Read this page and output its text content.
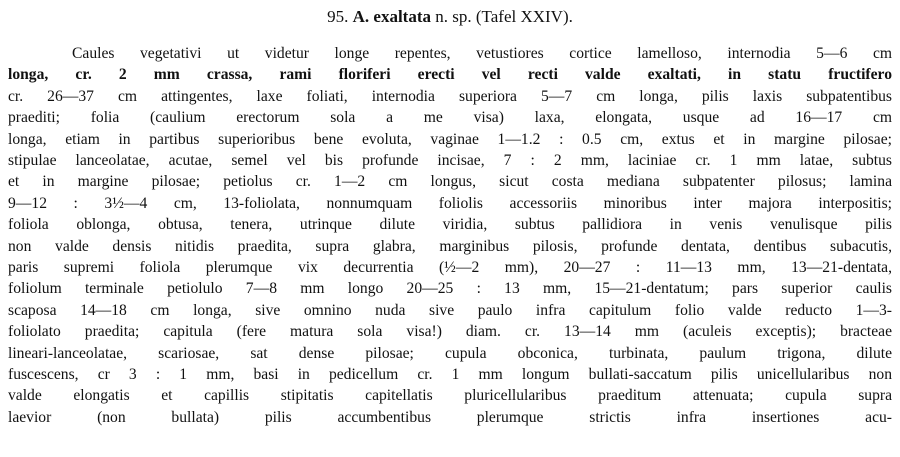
95. A. exaltata n. sp. (Tafel XXIV).
Caules vegetativi ut videtur longe repentes, vetustiores cortice lamelloso, internodia 5—6 cm
longa, cr. 2 mm crassa, rami floriferi erecti vel recti valde exaltati, in statu fructifero
cr. 26—37 cm attingentes, laxe foliati, internodia superiora 5—7 cm longa, pilis laxis subpatentibus
praediti; folia (caulium erectorum sola a me visa) laxa, elongata, usque ad 16—17 cm
longa, etiam in partibus superioribus bene evoluta, vaginae 1—1.2 : 0.5 cm, extus et in margine pilosae;
stipulae lanceolatae, acutae, semel vel bis profunde incisae, 7 : 2 mm, laciniae cr. 1 mm latae, subtus
et in margine pilosae; petiolus cr. 1—2 cm longus, sicut costa mediana subpatenter pilosus; lamina
9—12 : 3½—4 cm, 13-foliolata, nonnumquam foliolis accessoriis minoribus inter majora interpositis;
foliola oblonga, obtusa, tenera, utrinque dilute viridia, subtus pallidiora in venis venulisque pilis
non valde densis nitidis praedita, supra glabra, marginibus pilosis, profunde dentata, dentibus subacutis,
paris supremi foliola plerumque vix decurrentia (½—2 mm), 20—27 : 11—13 mm, 13—21-dentata,
foliolum terminale petiolulo 7—8 mm longo 20—25 : 13 mm, 15—21-dentatum; pars superior caulis
scaposa 14—18 cm longa, sive omnino nuda sive paulo infra capitulum folio valde reducto 1—3-
foliolato praedita; capitula (fere matura sola visa!) diam. cr. 13—14 mm (aculeis exceptis); bracteae
lineari-lanceolatae, scariosae, sat dense pilosae; cupula obconica, turbinata, paulum trigona, dilute
fuscescens, cr 3 : 1 mm, basi in pedicellum cr. 1 mm longum bullati-saccatum pilis unicellularibus non
valde elongatis et capillis stipitatis capitellatis pluricellularibus praeditum attenuata; cupula supra
laevior (non bullata) pilis accumbentibus plerumque strictis infra insertiones acu-
